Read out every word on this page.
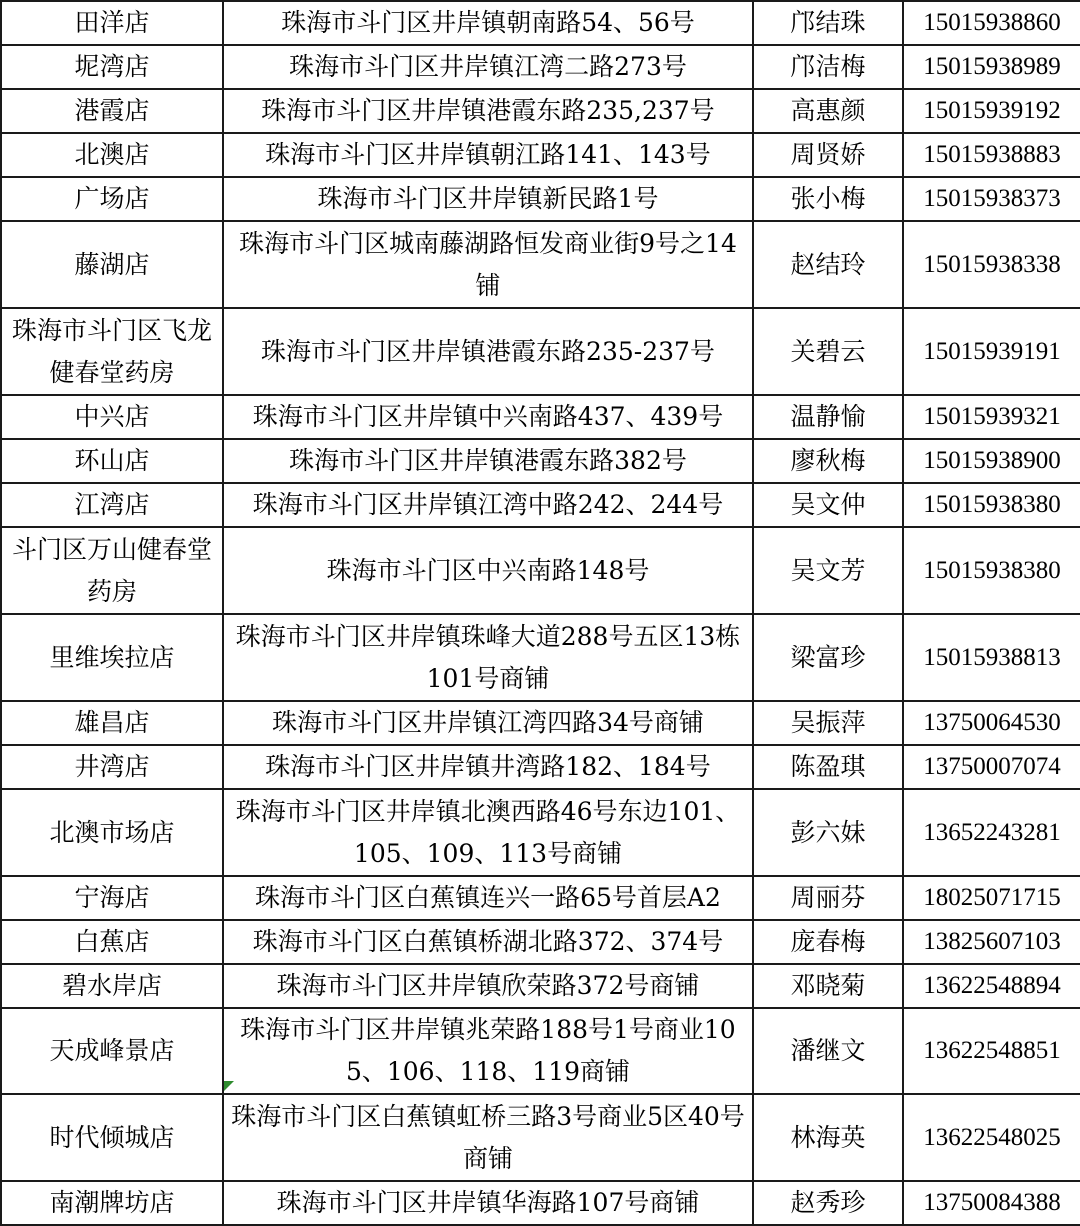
田洋店	珠海市斗门区井岸镇朝南路54、56号	邝结珠	15015938860
坭湾店	珠海市斗门区井岸镇江湾二路273号	邝洁梅	15015938989
港霞店	珠海市斗门区井岸镇港霞东路235,237号	高惠颜	15015939192
北澳店	珠海市斗门区井岸镇朝江路141、143号	周贤娇	15015938883
广场店	珠海市斗门区井岸镇新民路1号	张小梅	15015938373
藤湖店	珠海市斗门区城南藤湖路恒发商业街9号之14铺	赵结玲	15015938338
珠海市斗门区飞龙健春堂药房	珠海市斗门区井岸镇港霞东路235-237号	关碧云	15015939191
中兴店	珠海市斗门区井岸镇中兴南路437、439号	温静愉	15015939321
环山店	珠海市斗门区井岸镇港霞东路382号	廖秋梅	15015938900
江湾店	珠海市斗门区井岸镇江湾中路242、244号	吴文仲	15015938380
斗门区万山健春堂药房	珠海市斗门区中兴南路148号	吴文芳	15015938380
里维埃拉店	珠海市斗门区井岸镇珠峰大道288号五区13栋101号商铺	梁富珍	15015938813
雄昌店	珠海市斗门区井岸镇江湾四路34号商铺	吴振萍	13750064530
井湾店	珠海市斗门区井岸镇井湾路182、184号	陈盈琪	13750007074
北澳市场店	珠海市斗门区井岸镇北澳西路46号东边101、105、109、113号商铺	彭六妹	13652243281
宁海店	珠海市斗门区白蕉镇连兴一路65号首层A2	周丽芬	18025071715
白蕉店	珠海市斗门区白蕉镇桥湖北路372、374号	庞春梅	13825607103
碧水岸店	珠海市斗门区井岸镇欣荣路372号商铺	邓晓菊	13622548894
天成峰景店	珠海市斗门区井岸镇兆荣路188号1号商业105、106、118、119商铺	潘继文	13622548851
时代倾城店	珠海市斗门区白蕉镇虹桥三路3号商业5区40号商铺	林海英	13622548025
南潮牌坊店	珠海市斗门区井岸镇华海路107号商铺	赵秀珍	13750084388
